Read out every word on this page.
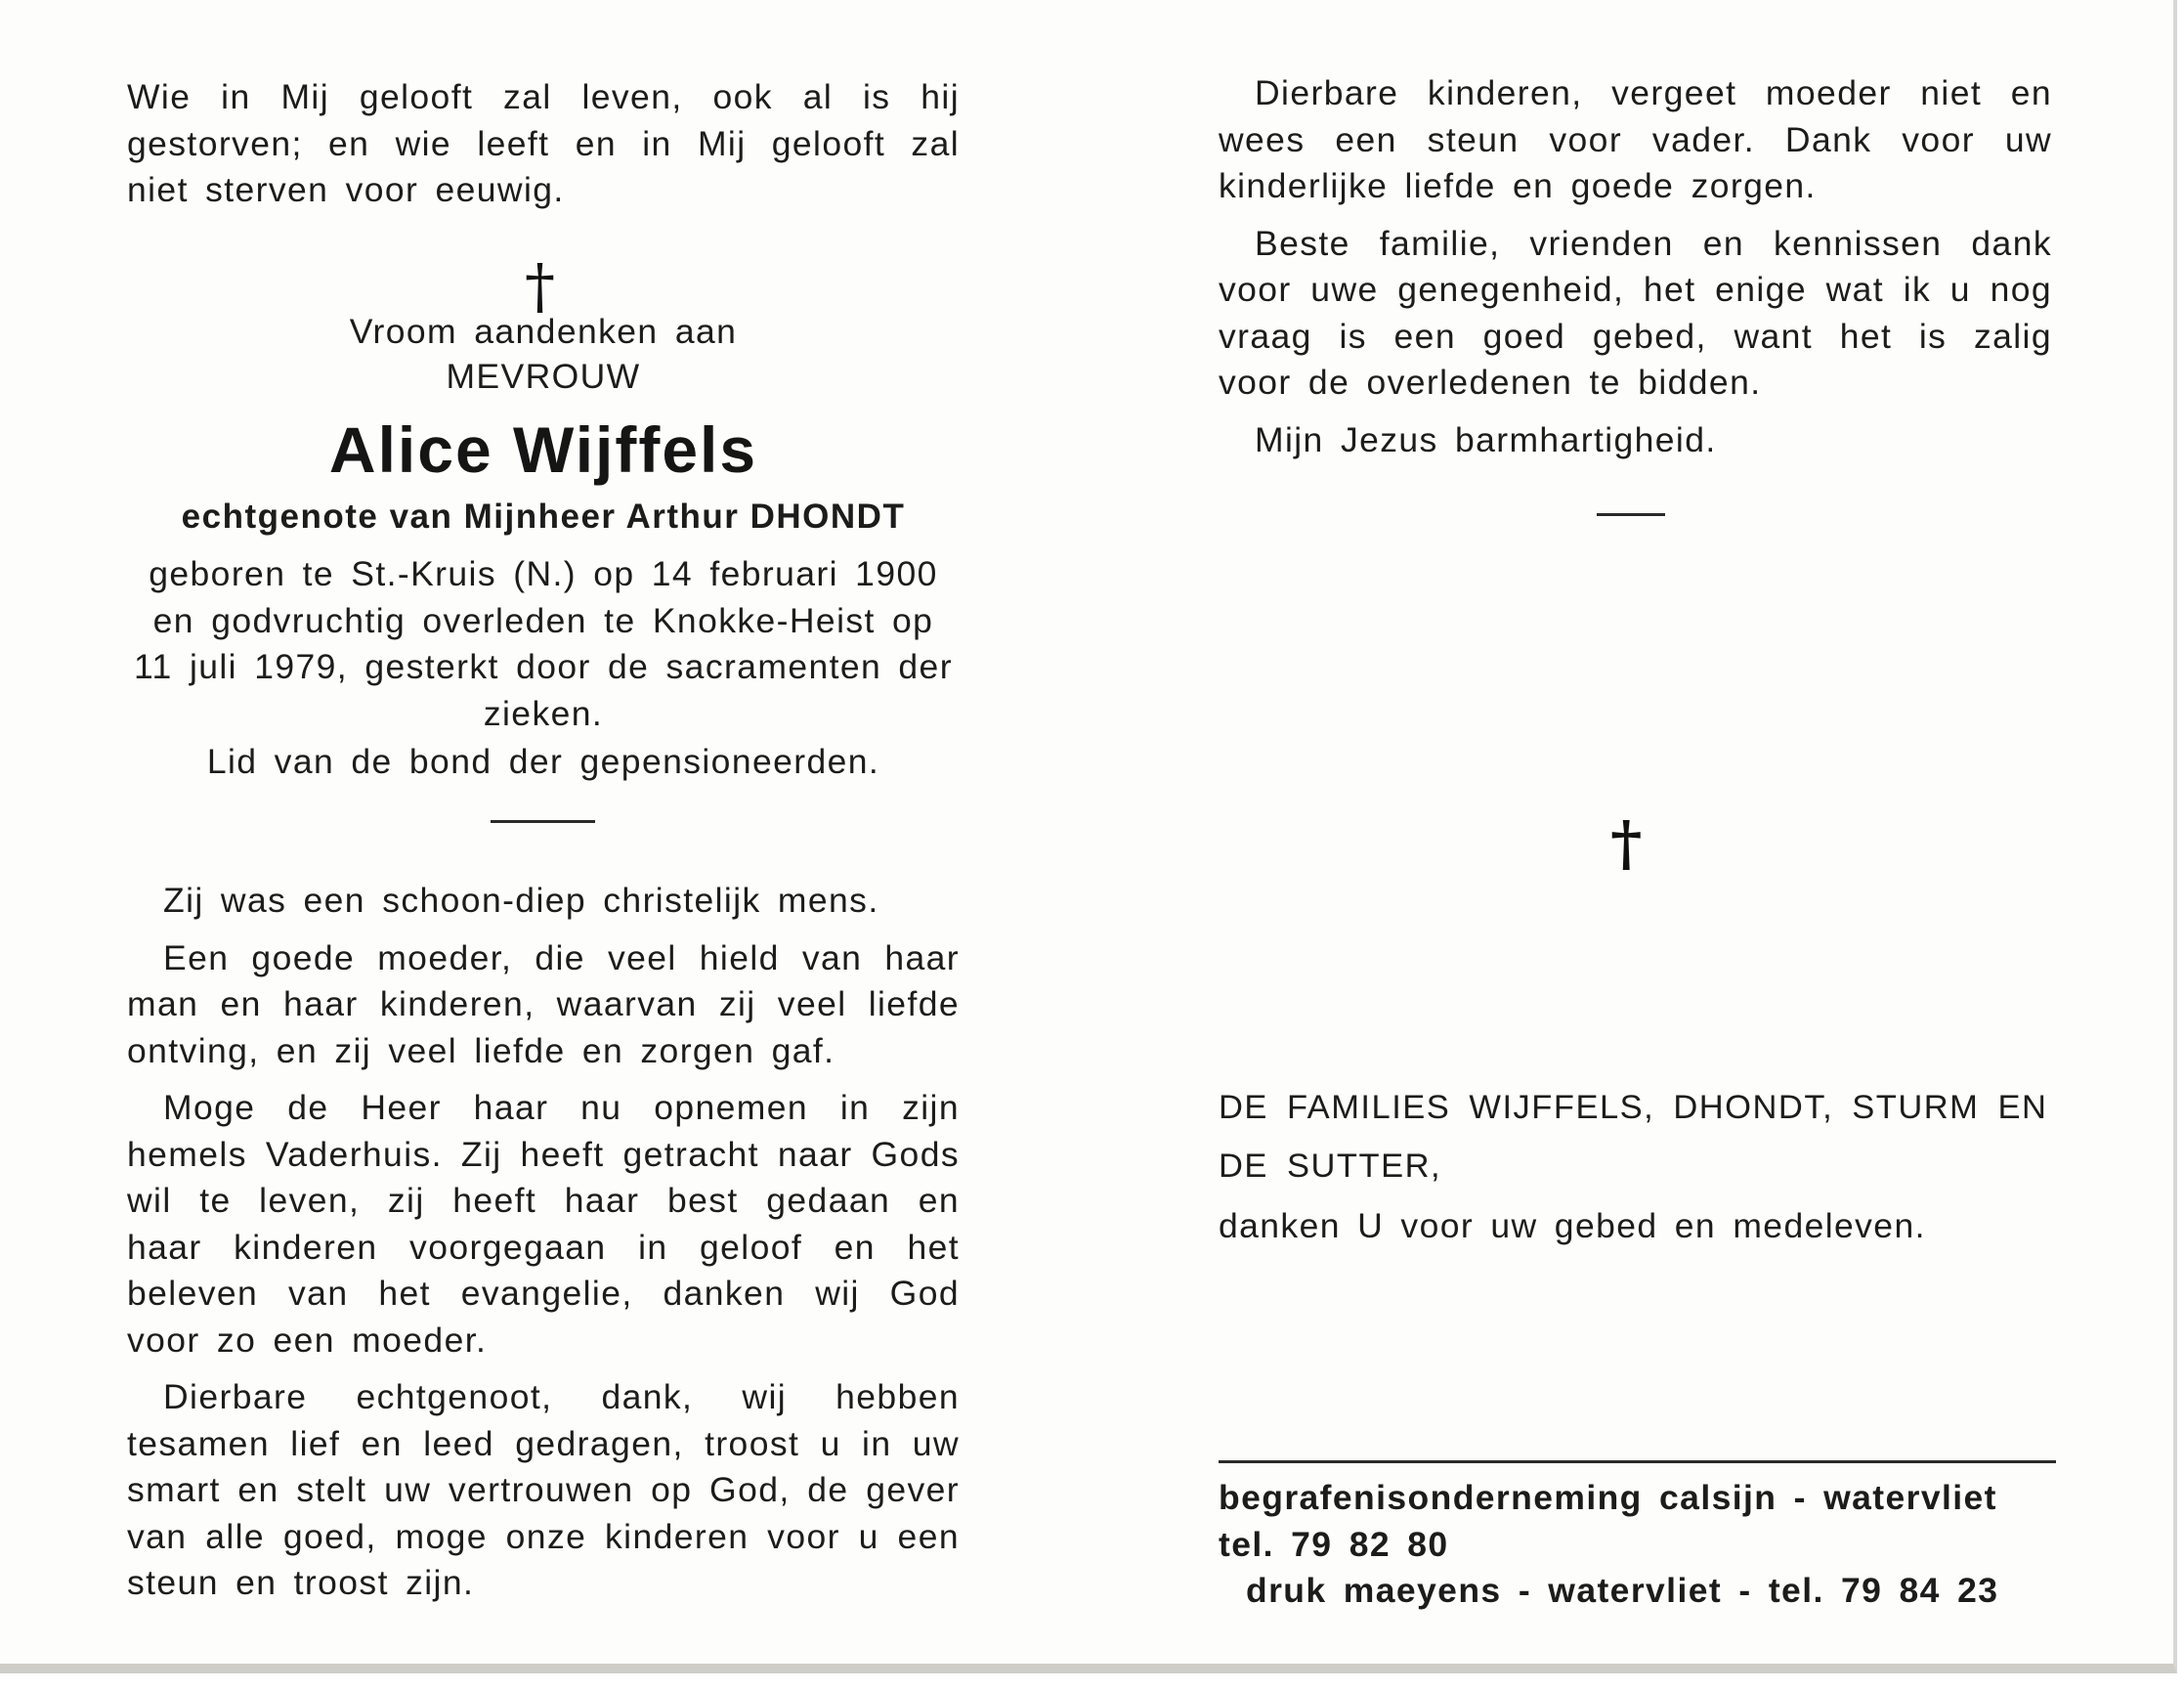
Wie in Mij gelooft zal leven, ook al is hij gestorven; en wie leeft en in Mij gelooft zal niet sterven voor eeuwig.

†

Vroom aandenken aan

MEVROUW

Alice Wijffels

echtgenote van Mijnheer Arthur DHONDT

geboren te St.-Kruis (N.) op 14 februari 1900 en godvruchtig overleden te Knokke-Heist op 11 juli 1979, gesterkt door de sacramenten der zieken.

Lid van de bond der gepensioneerden.

Zij was een schoon-diep christelijk mens.

Een goede moeder, die veel hield van haar man en haar kinderen, waarvan zij veel liefde ontving, en zij veel liefde en zorgen gaf.

Moge de Heer haar nu opnemen in zijn hemels Vaderhuis. Zij heeft getracht naar Gods wil te leven, zij heeft haar best gedaan en haar kinderen voorgegaan in geloof en het beleven van het evangelie, danken wij God voor zo een moeder.

Dierbare echtgenoot, dank, wij hebben tesamen lief en leed gedragen, troost u in uw smart en stelt uw vertrouwen op God, de gever van alle goed, moge onze kinderen voor u een steun en troost zijn.

Dierbare kinderen, vergeet moeder niet en wees een steun voor vader. Dank voor uw kinderlijke liefde en goede zorgen.

Beste familie, vrienden en kennissen dank voor uwe genegenheid, het enige wat ik u nog vraag is een goed gebed, want het is zalig voor de overledenen te bidden.

Mijn Jezus barmhartigheid.

†

DE FAMILIES WIJFFELS, DHONDT, STURM EN DE SUTTER,

danken U voor uw gebed en medeleven.

begrafenisonderneming calsijn - watervliet

tel. 79 82 80

druk maeyens - watervliet - tel. 79 84 23
